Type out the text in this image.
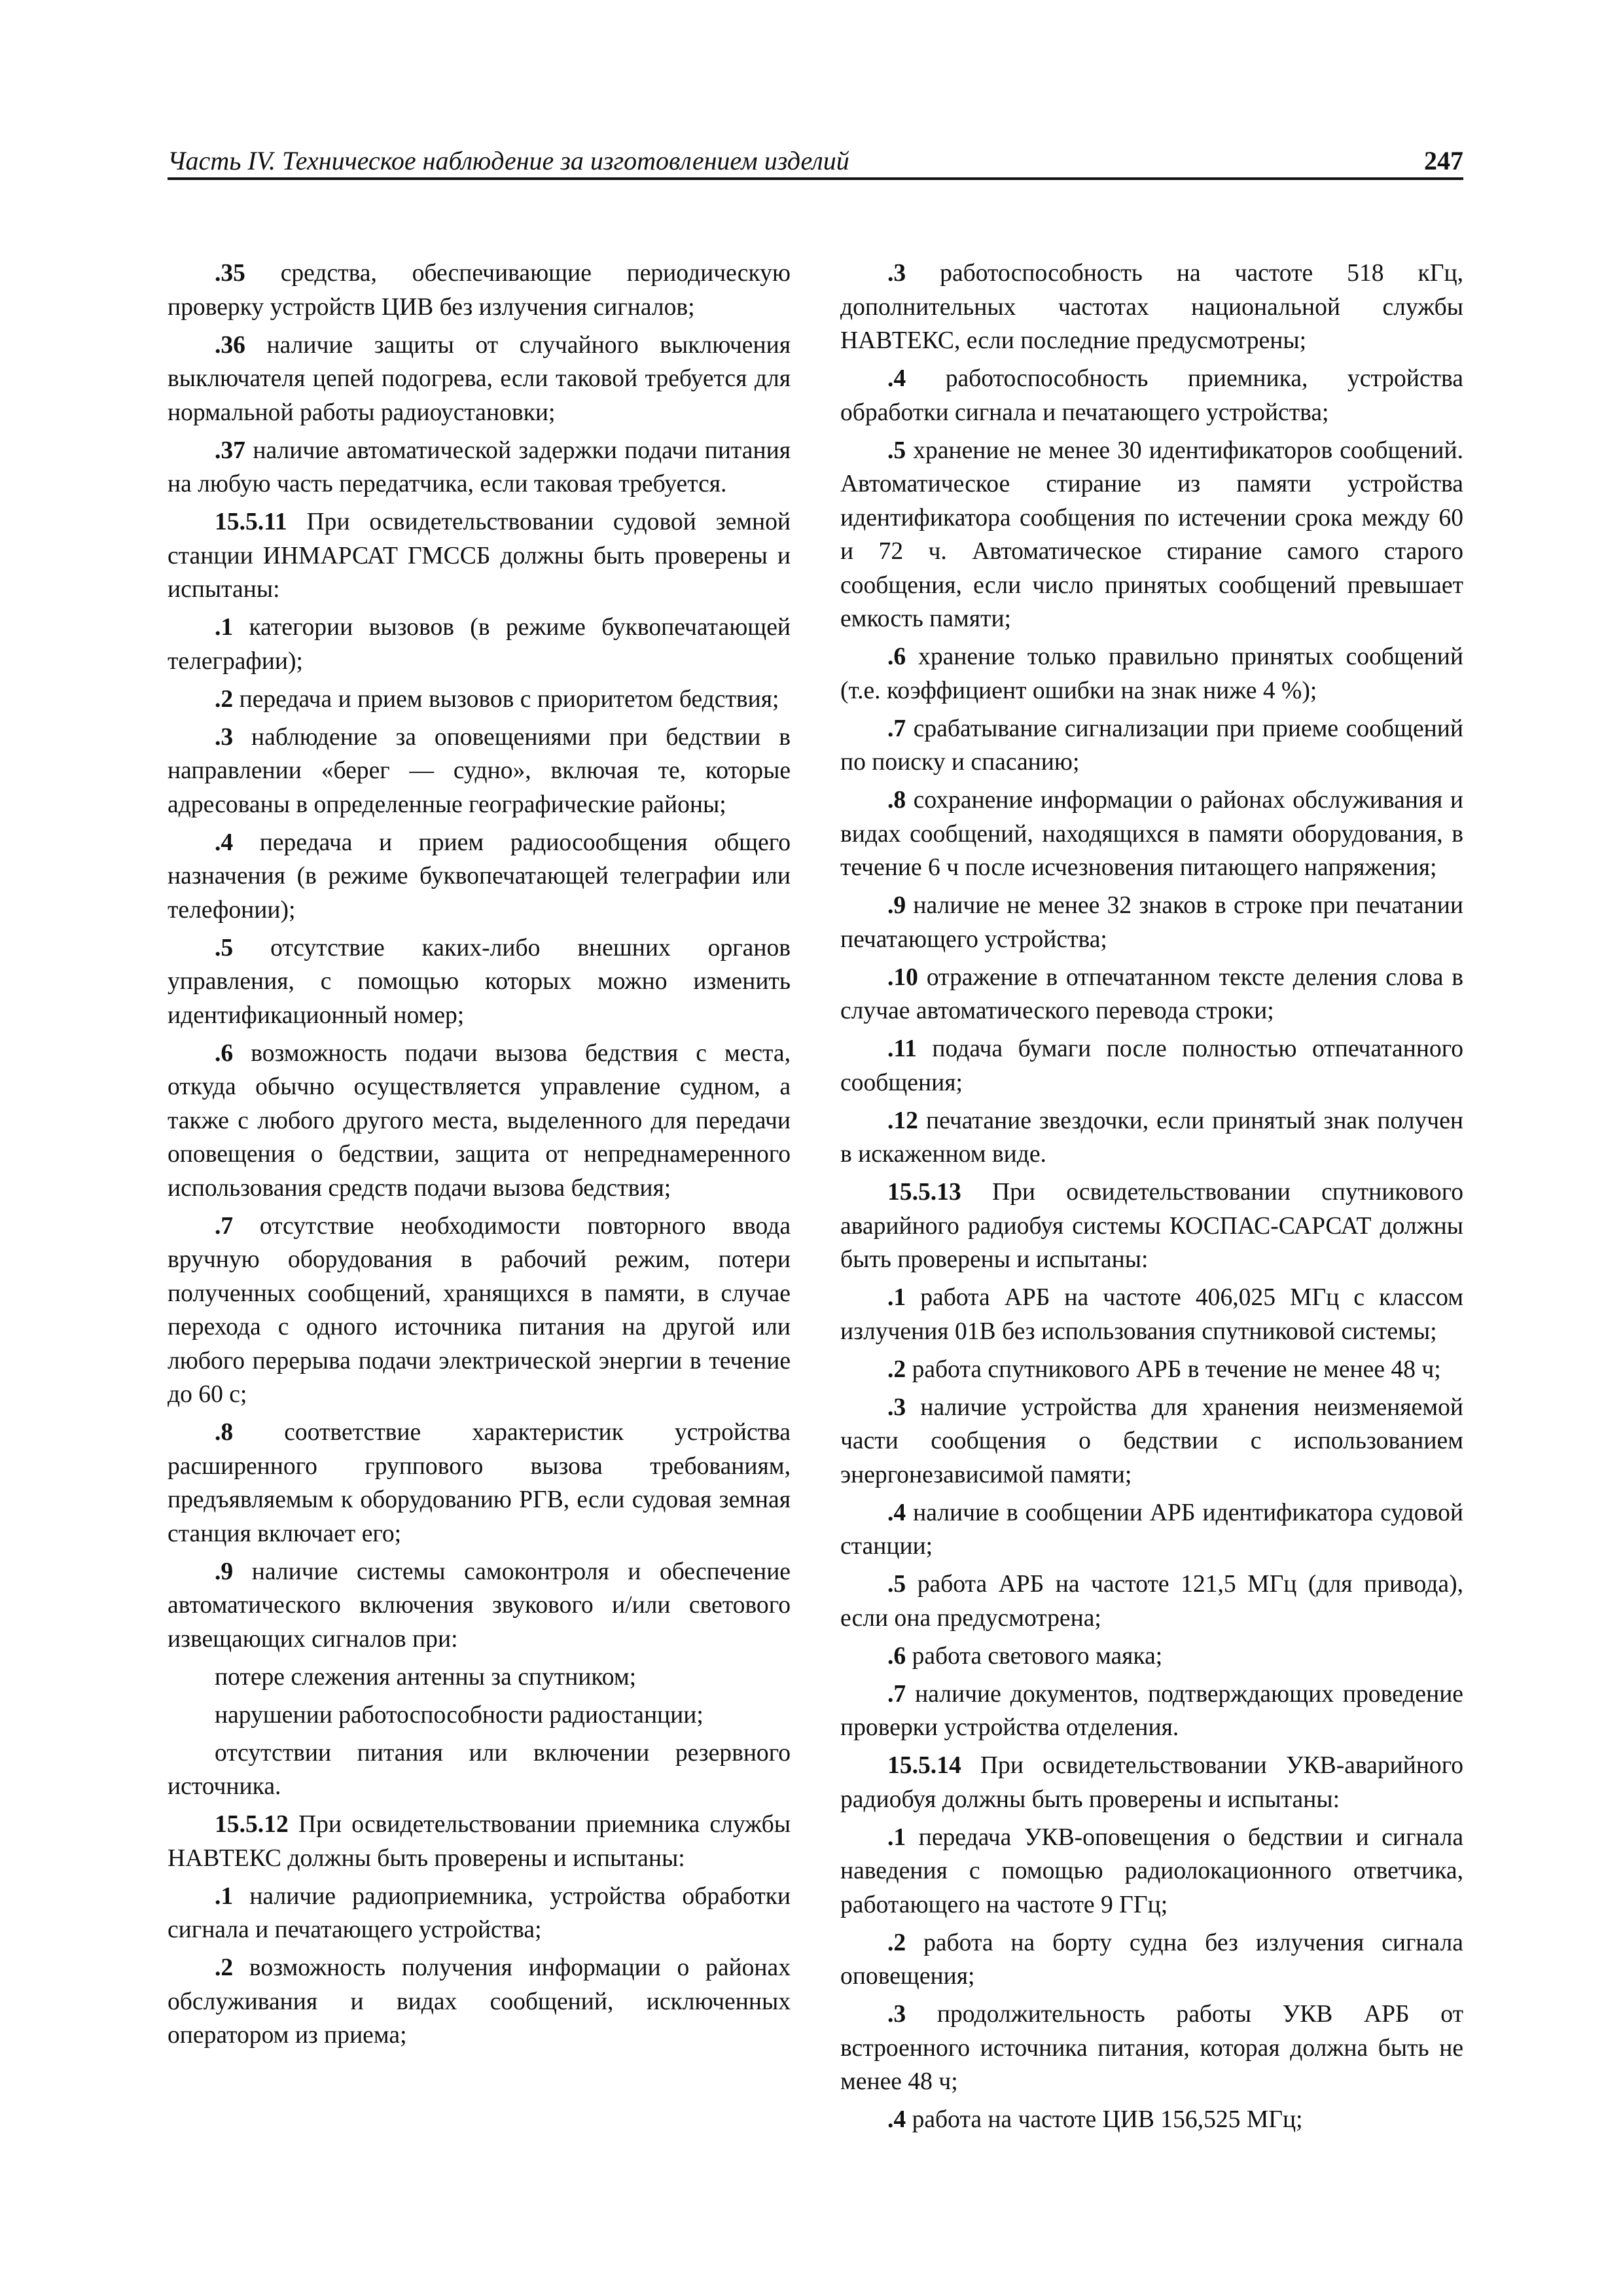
Часть IV. Техническое наблюдение за изготовлением изделий	247

.35 средства, обеспечивающие периодическую проверку устройств ЦИВ без излучения сигналов;

.36 наличие защиты от случайного выключения выключателя цепей подогрева, если таковой требуется для нормальной работы радиоустановки;

.37 наличие автоматической задержки подачи питания на любую часть передатчика, если таковая требуется.

15.5.11 При освидетельствовании судовой земной станции ИНМАРСАТ ГМССБ должны быть проверены и испытаны:

.1 категории вызовов (в режиме буквопечатающей телеграфии);

.2 передача и прием вызовов с приоритетом бедствия;

.3 наблюдение за оповещениями при бедствии в направлении «берег — судно», включая те, которые адресованы в определенные географические районы;

.4 передача и прием радиосообщения общего назначения (в режиме буквопечатающей телеграфии или телефонии);

.5 отсутствие каких-либо внешних органов управления, с помощью которых можно изменить идентификационный номер;

.6 возможность подачи вызова бедствия с места, откуда обычно осуществляется управление судном, а также с любого другого места, выделенного для передачи оповещения о бедствии, защита от непреднамеренного использования средств подачи вызова бедствия;

.7 отсутствие необходимости повторного ввода вручную оборудования в рабочий режим, потери полученных сообщений, хранящихся в памяти, в случае перехода с одного источника питания на другой или любого перерыва подачи электрической энергии в течение до 60 с;

.8 соответствие характеристик устройства расширенного группового вызова требованиям, предъявляемым к оборудованию РГВ, если судовая земная станция включает его;

.9 наличие системы самоконтроля и обеспечение автоматического включения звукового и/или светового извещающих сигналов при:

потере слежения антенны за спутником;

нарушении работоспособности радиостанции;

отсутствии питания или включении резервного источника.

15.5.12 При освидетельствовании приемника службы НАВТЕКС должны быть проверены и испытаны:

.1 наличие радиоприемника, устройства обработки сигнала и печатающего устройства;

.2 возможность получения информации о районах обслуживания и видах сообщений, исключенных оператором из приема;

.3 работоспособность на частоте 518 кГц, дополнительных частотах национальной службы НАВТЕКС, если последние предусмотрены;

.4 работоспособность приемника, устройства обработки сигнала и печатающего устройства;

.5 хранение не менее 30 идентификаторов сообщений. Автоматическое стирание из памяти устройства идентификатора сообщения по истечении срока между 60 и 72 ч. Автоматическое стирание самого старого сообщения, если число принятых сообщений превышает емкость памяти;

.6 хранение только правильно принятых сообщений (т.е. коэффициент ошибки на знак ниже 4 %);

.7 срабатывание сигнализации при приеме сообщений по поиску и спасанию;

.8 сохранение информации о районах обслуживания и видах сообщений, находящихся в памяти оборудования, в течение 6 ч после исчезновения питающего напряжения;

.9 наличие не менее 32 знаков в строке при печатании печатающего устройства;

.10 отражение в отпечатанном тексте деления слова в случае автоматического перевода строки;

.11 подача бумаги после полностью отпечатанного сообщения;

.12 печатание звездочки, если принятый знак получен в искаженном виде.

15.5.13 При освидетельствовании спутникового аварийного радиобуя системы КОСПАС-САРСАТ должны быть проверены и испытаны:

.1 работа АРБ на частоте 406,025 МГц с классом излучения 01B без использования спутниковой системы;

.2 работа спутникового АРБ в течение не менее 48 ч;

.3 наличие устройства для хранения неизменяемой части сообщения о бедствии с использованием энергонезависимой памяти;

.4 наличие в сообщении АРБ идентификатора судовой станции;

.5 работа АРБ на частоте 121,5 МГц (для привода), если она предусмотрена;

.6 работа светового маяка;

.7 наличие документов, подтверждающих проведение проверки устройства отделения.

15.5.14 При освидетельствовании УКВ-аварийного радиобуя должны быть проверены и испытаны:

.1 передача УКВ-оповещения о бедствии и сигнала наведения с помощью радиолокационного ответчика, работающего на частоте 9 ГГц;

.2 работа на борту судна без излучения сигнала оповещения;

.3 продолжительность работы УКВ АРБ от встроенного источника питания, которая должна быть не менее 48 ч;

.4 работа на частоте ЦИВ 156,525 МГц;
